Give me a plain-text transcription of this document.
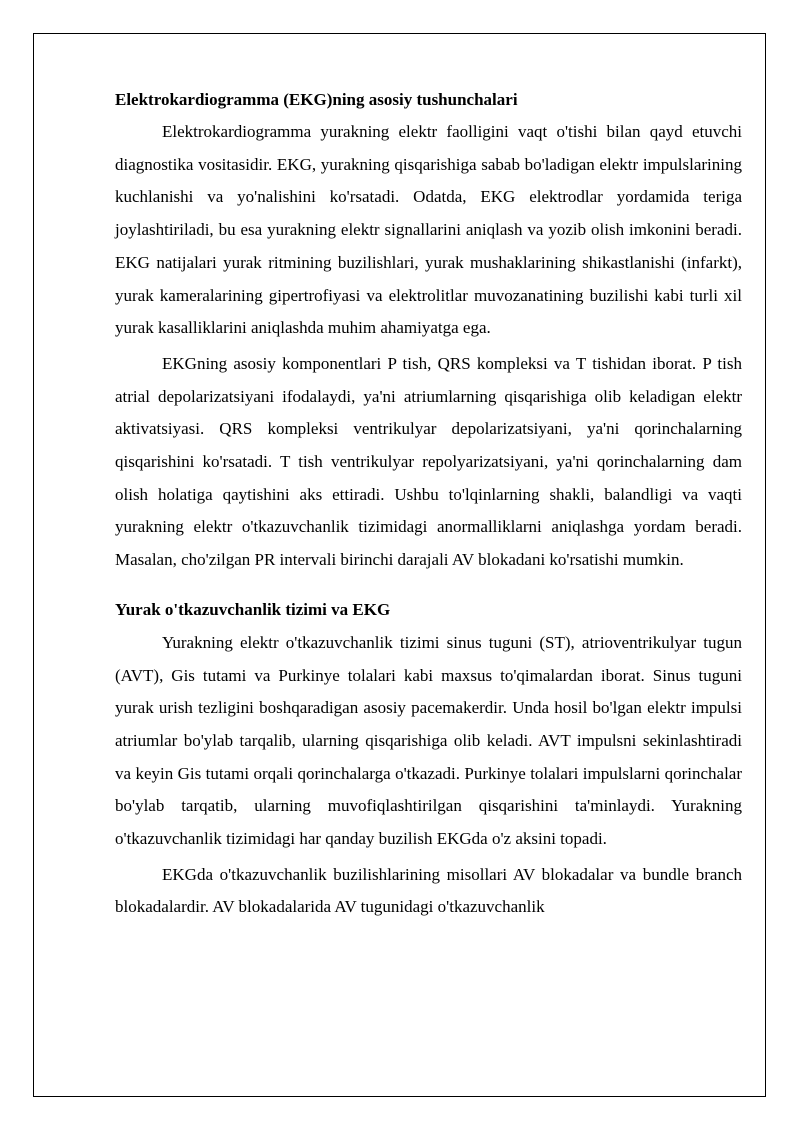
Elektrokardiogramma (EKG)ning asosiy tushunchalari

Elektrokardiogramma yurakning elektr faolligini vaqt o'tishi bilan qayd etuvchi diagnostika vositasidir. EKG, yurakning qisqarishiga sabab bo'ladigan elektr impulslarining kuchlanishi va yo'nalishini ko'rsatadi. Odatda, EKG elektrodlar yordamida teriga joylashtiriladi, bu esa yurakning elektr signallarini aniqlash va yozib olish imkonini beradi. EKG natijalari yurak ritmining buzilishlari, yurak mushaklarining shikastlanishi (infarkt), yurak kameralarining gipertrofiyasi va elektrolitlar muvozanatining buzilishi kabi turli xil yurak kasalliklarini aniqlashda muhim ahamiyatga ega.

EKGning asosiy komponentlari P tish, QRS kompleksi va T tishidan iborat. P tish atrial depolarizatsiyani ifodalaydi, ya'ni atriumlarning qisqarishiga olib keladigan elektr aktivatsiyasi. QRS kompleksi ventrikulyar depolarizatsiyani, ya'ni qorinchalarning qisqarishini ko'rsatadi. T tish ventrikulyar repolyarizatsiyani, ya'ni qorinchalarning dam olish holatiga qaytishini aks ettiradi. Ushbu to'lqinlarning shakli, balandligi va vaqti yurakning elektr o'tkazuvchanlik tizimidagi anormalliklarni aniqlashga yordam beradi. Masalan, cho'zilgan PR intervali birinchi darajali AV blokadani ko'rsatishi mumkin.

Yurak o'tkazuvchanlik tizimi va EKG

Yurakning elektr o'tkazuvchanlik tizimi sinus tuguni (ST), atrioventrikulyar tugun (AVT), Gis tutami va Purkinye tolalari kabi maxsus to'qimalardan iborat. Sinus tuguni yurak urish tezligini boshqaradigan asosiy pacemakerdir. Unda hosil bo'lgan elektr impulsi atriumlar bo'ylab tarqalib, ularning qisqarishiga olib keladi. AVT impulsni sekinlashtiradi va keyin Gis tutami orqali qorinchalarga o'tkazadi. Purkinye tolalari impulslarni qorinchalar bo'ylab tarqatib, ularning muvofiqlashtirilgan qisqarishini ta'minlaydi. Yurakning o'tkazuvchanlik tizimidagi har qanday buzilish EKGda o'z aksini topadi.

EKGda o'tkazuvchanlik buzilishlarining misollari AV blokadalar va bundle branch blokadalardir. AV blokadalarida AV tugunidagi o'tkazuvchanlik
